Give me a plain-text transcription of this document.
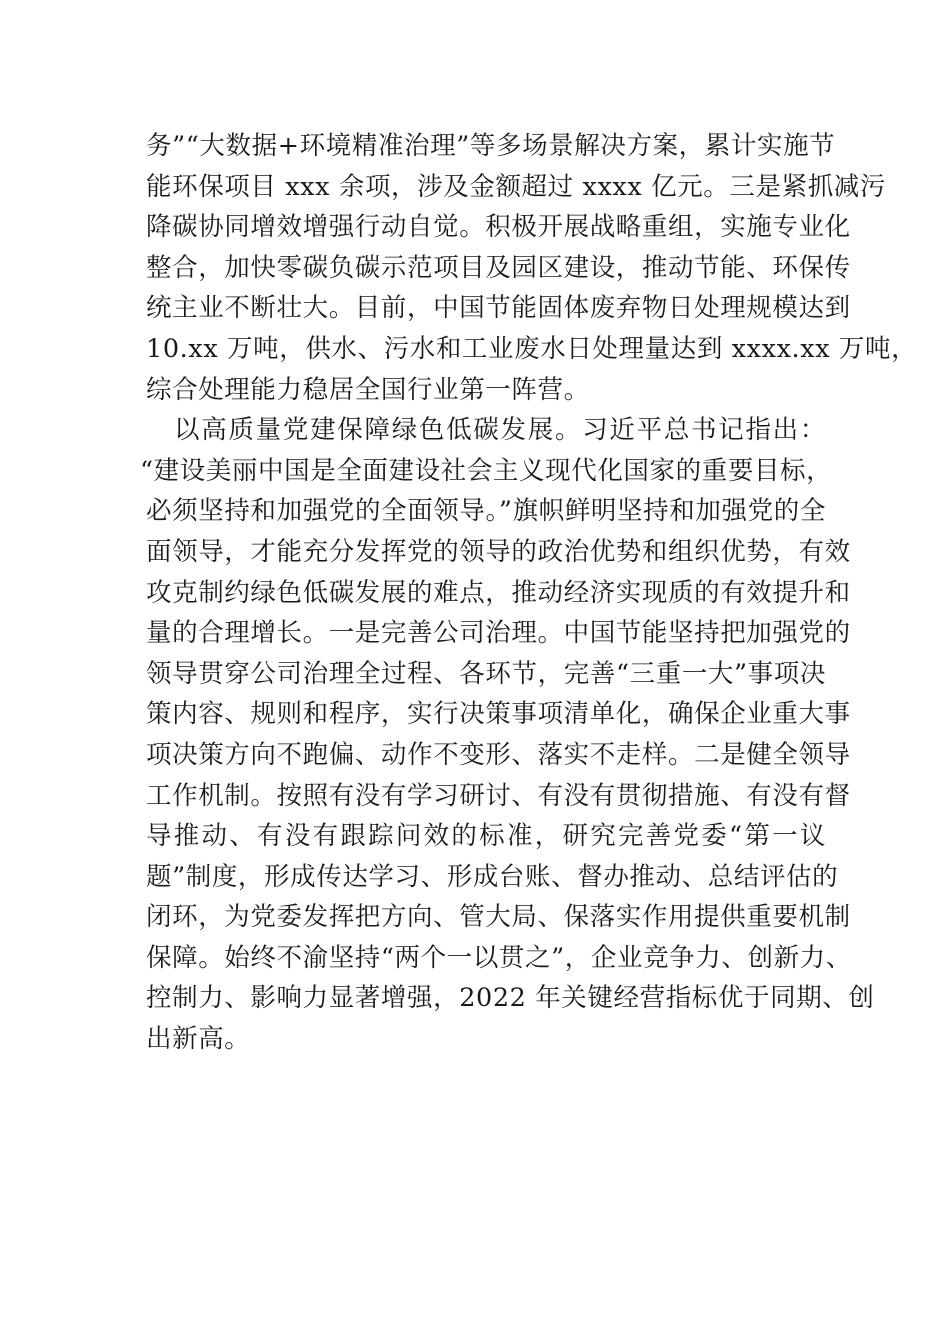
务”“大数据+环境精准治理”等多场景解决方案，累计实施节
能环保项目 xxx 余项，涉及金额超过 xxxx 亿元。三是紧抓减污
降碳协同增效增强行动自觉。积极开展战略重组，实施专业化
整合，加快零碳负碳示范项目及园区建设，推动节能、环保传
统主业不断壮大。目前，中国节能固体废弃物日处理规模达到
10.xx 万吨，供水、污水和工业废水日处理量达到 xxxx.xx 万吨，
综合处理能力稳居全国行业第一阵营。
以高质量党建保障绿色低碳发展。习近平总书记指出：
“建设美丽中国是全面建设社会主义现代化国家的重要目标，
必须坚持和加强党的全面领导。”旗帜鲜明坚持和加强党的全
面领导，才能充分发挥党的领导的政治优势和组织优势，有效
攻克制约绿色低碳发展的难点，推动经济实现质的有效提升和
量的合理增长。一是完善公司治理。中国节能坚持把加强党的
领导贯穿公司治理全过程、各环节，完善“三重一大”事项决
策内容、规则和程序，实行决策事项清单化，确保企业重大事
项决策方向不跑偏、动作不变形、落实不走样。二是健全领导
工作机制。按照有没有学习研讨、有没有贯彻措施、有没有督
导推动、有没有跟踪问效的标准，研究完善党委“第一议
题”制度，形成传达学习、形成台账、督办推动、总结评估的
闭环，为党委发挥把方向、管大局、保落实作用提供重要机制
保障。始终不渝坚持“两个一以贯之”，企业竞争力、创新力、
控制力、影响力显著增强，2022 年关键经营指标优于同期、创
出新高。
